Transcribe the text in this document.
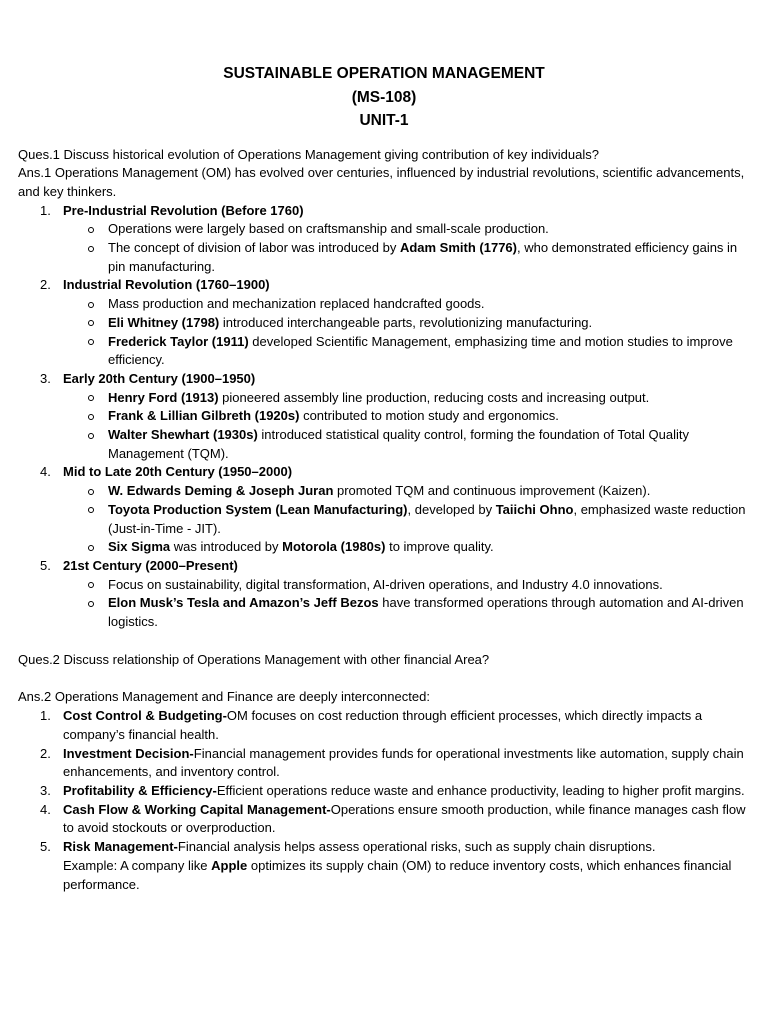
SUSTAINABLE OPERATION MANAGEMENT
(MS-108)
UNIT-1

Ques.1 Discuss historical evolution of Operations Management giving contribution of key individuals?

Ans.1 Operations Management (OM) has evolved over centuries, influenced by industrial revolutions, scientific advancements, and key thinkers.

1. Pre-Industrial Revolution (Before 1760)
Operations were largely based on craftsmanship and small-scale production.
The concept of division of labor was introduced by Adam Smith (1776), who demonstrated efficiency gains in pin manufacturing.
2. Industrial Revolution (1760–1900)
Mass production and mechanization replaced handcrafted goods.
Eli Whitney (1798) introduced interchangeable parts, revolutionizing manufacturing.
Frederick Taylor (1911) developed Scientific Management, emphasizing time and motion studies to improve efficiency.
3. Early 20th Century (1900–1950)
Henry Ford (1913) pioneered assembly line production, reducing costs and increasing output.
Frank & Lillian Gilbreth (1920s) contributed to motion study and ergonomics.
Walter Shewhart (1930s) introduced statistical quality control, forming the foundation of Total Quality Management (TQM).
4. Mid to Late 20th Century (1950–2000)
W. Edwards Deming & Joseph Juran promoted TQM and continuous improvement (Kaizen).
Toyota Production System (Lean Manufacturing), developed by Taiichi Ohno, emphasized waste reduction (Just-in-Time - JIT).
Six Sigma was introduced by Motorola (1980s) to improve quality.
5. 21st Century (2000–Present)
Focus on sustainability, digital transformation, AI-driven operations, and Industry 4.0 innovations.
Elon Musk’s Tesla and Amazon’s Jeff Bezos have transformed operations through automation and AI-driven logistics.

Ques.2 Discuss relationship of Operations Management with other financial Area?

Ans.2 Operations Management and Finance are deeply interconnected:

1. Cost Control & Budgeting-OM focuses on cost reduction through efficient processes, which directly impacts a company’s financial health.
2. Investment Decision-Financial management provides funds for operational investments like automation, supply chain enhancements, and inventory control.
3. Profitability & Efficiency-Efficient operations reduce waste and enhance productivity, leading to higher profit margins.
4. Cash Flow & Working Capital Management-Operations ensure smooth production, while finance manages cash flow to avoid stockouts or overproduction.
5. Risk Management-Financial analysis helps assess operational risks, such as supply chain disruptions.

Example: A company like Apple optimizes its supply chain (OM) to reduce inventory costs, which enhances financial performance.
